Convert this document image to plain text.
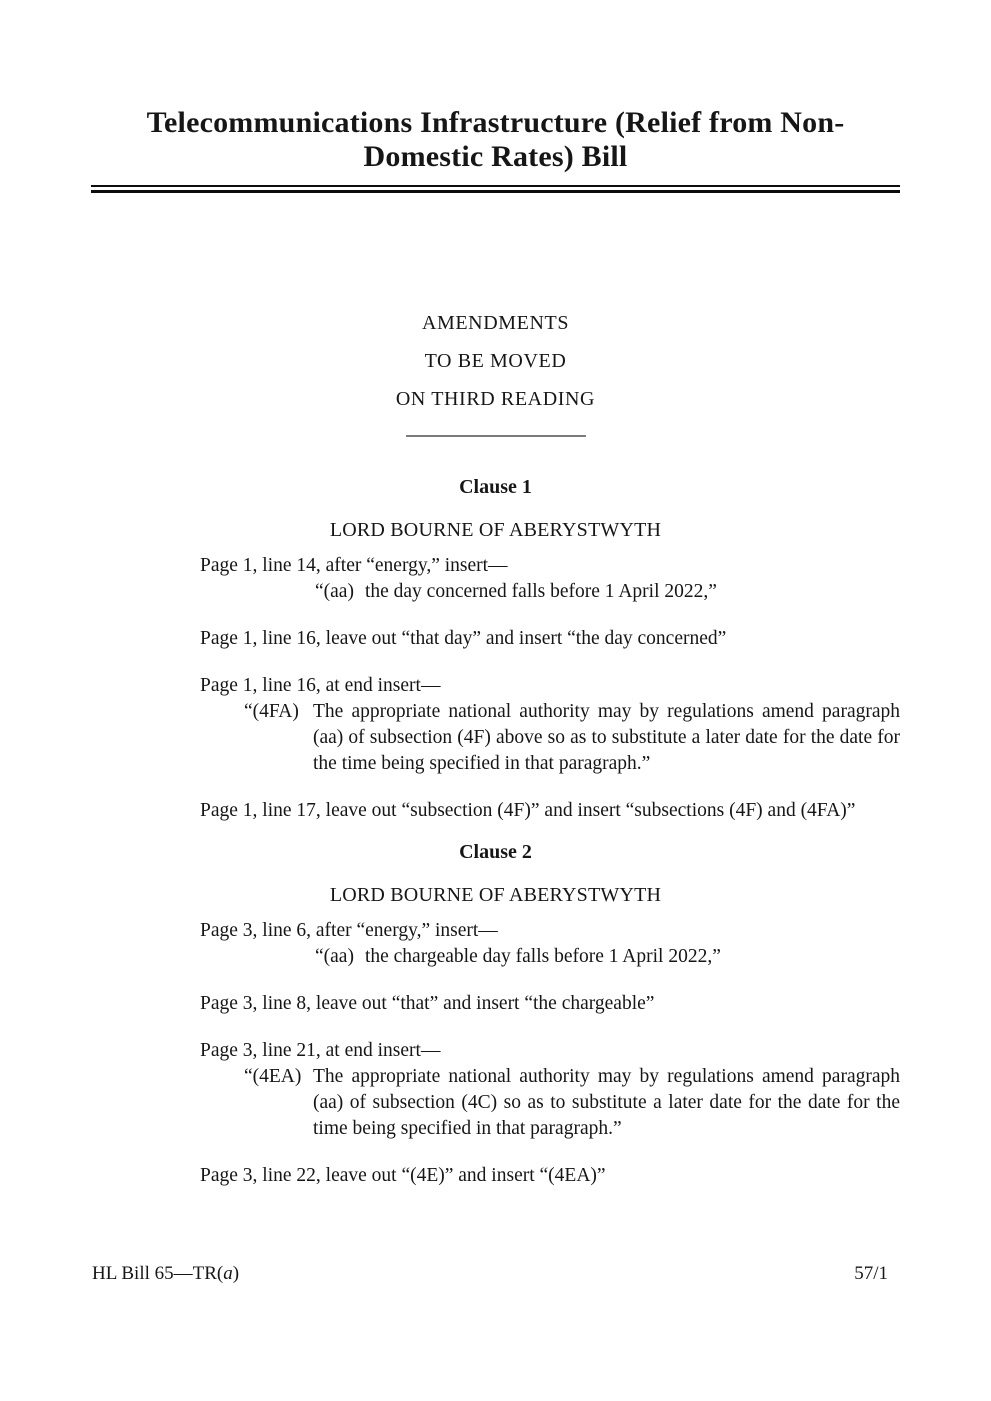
Telecommunications Infrastructure (Relief from Non-
Domestic Rates) Bill
AMENDMENTS
TO BE MOVED
ON THIRD READING
Clause 1
LORD BOURNE OF ABERYSTWYTH
Page 1, line 14, after “energy,” insert—
“(aa) the day concerned falls before 1 April 2022,”
Page 1, line 16, leave out “that day” and insert “the day concerned”
Page 1, line 16, at end insert—
“(4FA) The appropriate national authority may by regulations amend paragraph (aa) of subsection (4F) above so as to substitute a later date for the date for the time being specified in that paragraph.”
Page 1, line 17, leave out “subsection (4F)” and insert “subsections (4F) and (4FA)”
Clause 2
LORD BOURNE OF ABERYSTWYTH
Page 3, line 6, after “energy,” insert—
“(aa) the chargeable day falls before 1 April 2022,”
Page 3, line 8, leave out “that” and insert “the chargeable”
Page 3, line 21, at end insert—
“(4EA) The appropriate national authority may by regulations amend paragraph (aa) of subsection (4C) so as to substitute a later date for the date for the time being specified in that paragraph.”
Page 3, line 22, leave out “(4E)” and insert “(4EA)”
HL Bill 65—TR(a)	57/1
